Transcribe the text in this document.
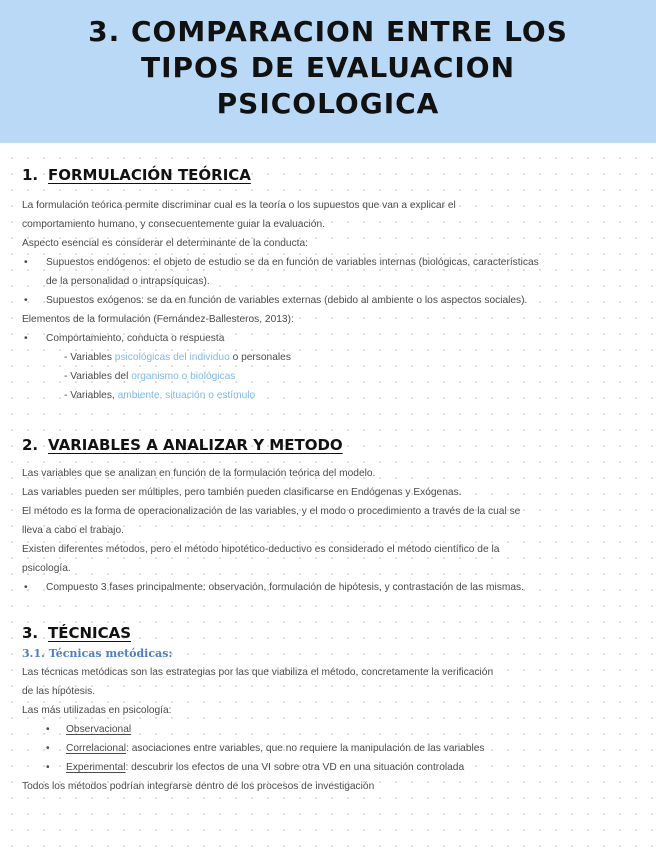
3. COMPARACION ENTRE LOS
TIPOS DE EVALUACION
PSICOLOGICA
1. FORMULACIÓN TEÓRICA

La formulación teórica permite discriminar cual es la teoría o los supuestos que van a explicar el

comportamiento humano, y consecuentemente guiar la evaluación.

Aspecto esencial es considerar el determinante de la conducta:

• Supuestos endógenos: el objeto de estudio se da en función de variables internas (biológicas, características

de la personalidad o intrapsíquicas).

• Supuestos exógenos: se da en función de variables externas (debido al ambiente o los aspectos sociales).

Elementos de la formulación (Fernández-Ballesteros, 2013):

• Comportamiento, conducta o respuesta

- Variables psicológicas del individuo o personales

- Variables del organismo o biológicas

- Variables, ambiente, situación o estímulo

2. VARIABLES A ANALIZAR Y METODO

Las variables que se analizan en función de la formulación teórica del modelo.

Las variables pueden ser múltiples, pero también pueden clasificarse en Endógenas y Exógenas.

El método es la forma de operacionalización de las variables, y el modo o procedimiento a través de la cual se

lleva a cabo el trabajo.

Existen diferentes métodos, pero el método hipotético-deductivo es considerado el método científico de la

psicología.

• Compuesto 3 fases principalmente: observación, formulación de hipótesis, y contrastación de las mismas.

3. TÉCNICAS

3.1. Técnicas metódicas:

Las técnicas metódicas son las estrategias por las que viabiliza el método, concretamente la verificación

de las hipótesis.

Las más utilizadas en psicología:

• Observacional

• Correlacional: asociaciones entre variables, que no requiere la manipulación de las variables

• Experimental: descubrir los efectos de una VI sobre otra VD en una situación controlada

Todos los métodos podrían integrarse dentro de los procesos de investigación
